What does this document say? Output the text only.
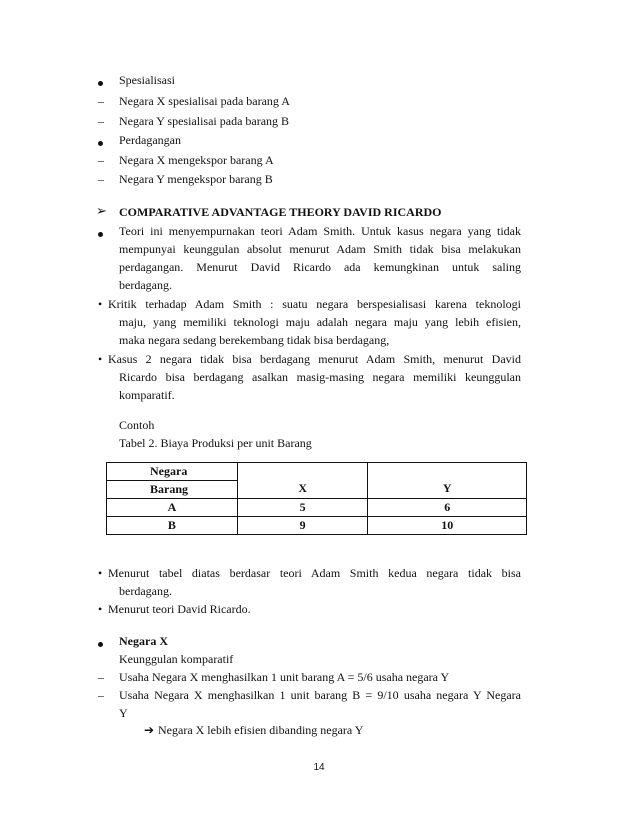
Spesialisasi
– Negara X spesialisai pada barang A
– Negara Y spesialisai pada barang B
Perdagangan
– Negara X mengekspor barang A
– Negara Y mengekspor barang B
➢ COMPARATIVE ADVANTAGE THEORY DAVID RICARDO
Teori ini menyempurnakan teori Adam Smith. Untuk kasus negara yang tidak
mempunyai keunggulan absolut menurut Adam Smith tidak bisa melakukan
perdagangan. Menurut David Ricardo ada kemungkinan untuk saling
berdagang.
• Kritik terhadap Adam Smith : suatu negara berspesialisasi karena teknologi
maju, yang memiliki teknologi maju adalah negara maju yang lebih efisien,
maka negara sedang berekembang tidak bisa berdagang,
• Kasus 2 negara tidak bisa berdagang menurut Adam Smith, menurut David
Ricardo bisa berdagang asalkan masig-masing negara memiliki keunggulan
komparatif.
Contoh
Tabel 2. Biaya Produksi per unit Barang
Negara	X	Y
Barang		
A	5	6
B	9	10
• Menurut tabel diatas berdasar teori Adam Smith kedua negara tidak bisa
berdagang.
• Menurut teori David Ricardo.
Negara X
Keunggulan komparatif
– Usaha Negara X menghasilkan 1 unit barang A = 5/6 usaha negara Y
– Usaha Negara X menghasilkan 1 unit barang B = 9/10 usaha negara Y Negara
Y
➔ Negara X lebih efisien dibanding negara Y
14
